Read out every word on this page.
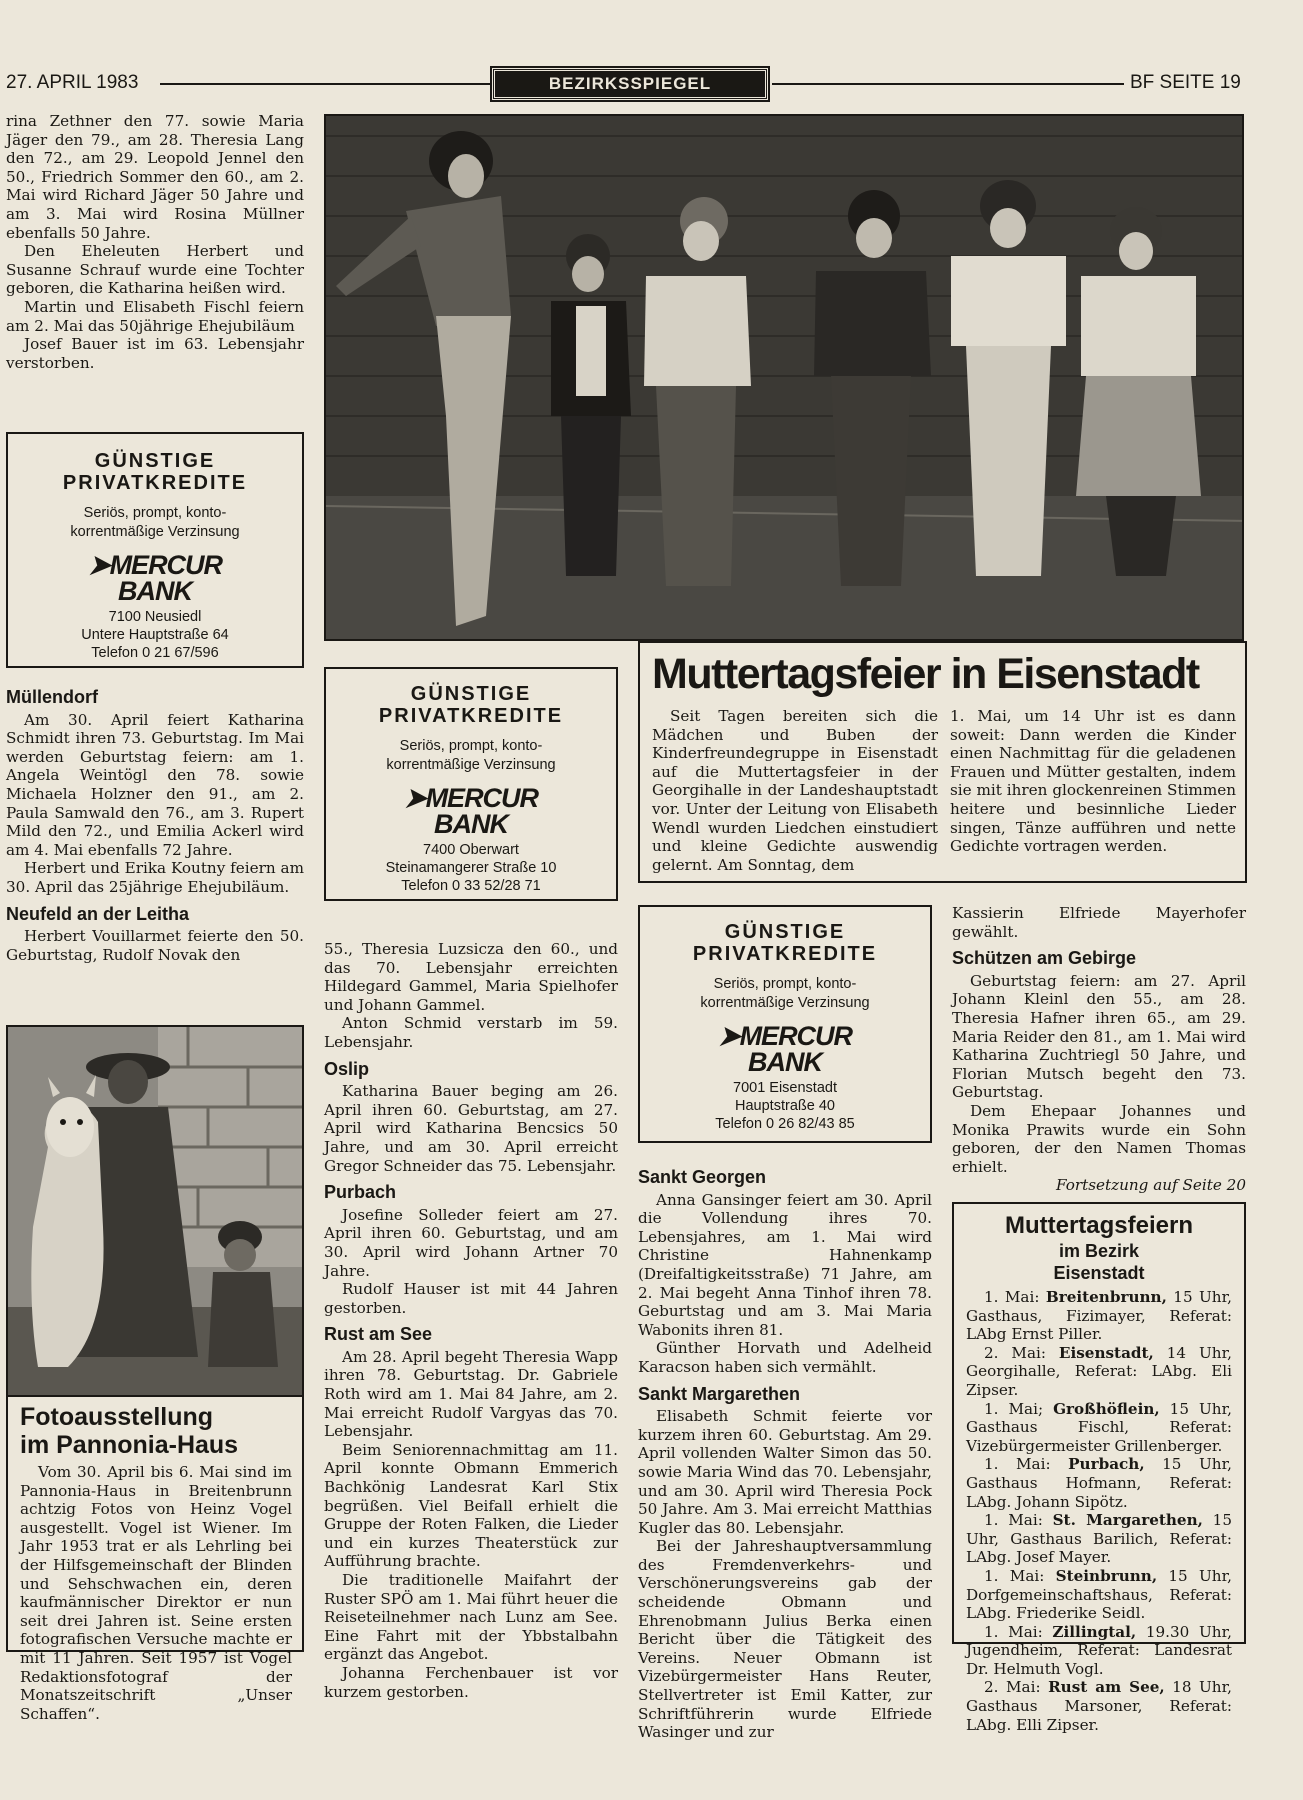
27. APRIL 1983	BEZIRKSSPIEGEL	BF SEITE 19

rina Zethner den 77. sowie Maria Jäger den 79., am 28. Theresia Lang den 72., am 29. Leopold Jennel den 50., Friedrich Sommer den 60., am 2. Mai wird Richard Jäger 50 Jahre und am 3. Mai wird Rosina Müllner ebenfalls 50 Jahre.

Den Eheleuten Herbert und Susanne Schrauf wurde eine Tochter geboren, die Katharina heißen wird.

Martin und Elisabeth Fischl feiern am 2. Mai das 50jährige Ehejubiläum

Josef Bauer ist im 63. Lebensjahr verstorben.

GÜNSTIGE
PRIVATKREDITE
Seriös, prompt, konto-
korrentmäßige Verzinsung
➤MERCUR
BANK
7100 Neusiedl
Untere Hauptstraße 64
Telefon 0 21 67/596
Müllendorf

Am 30. April feiert Katharina Schmidt ihren 73. Geburtstag. Im Mai werden Geburtstag feiern: am 1. Angela Weintögl den 78. sowie Michaela Holzner den 91., am 2. Paula Samwald den 76., am 3. Rupert Mild den 72., und Emilia Ackerl wird am 4. Mai ebenfalls 72 Jahre.

Herbert und Erika Koutny feiern am 30. April das 25jährige Ehejubiläum.

Neufeld an der Leitha

Herbert Vouillarmet feierte den 50. Geburtstag, Rudolf Novak den

Fotoausstellung
im Pannonia-Haus

Vom 30. April bis 6. Mai sind im Pannonia-Haus in Breitenbrunn achtzig Fotos von Heinz Vogel ausgestellt. Vogel ist Wiener. Im Jahr 1953 trat er als Lehrling bei der Hilfsgemeinschaft der Blinden und Sehschwachen ein, deren kaufmännischer Direktor er nun seit drei Jahren ist. Seine ersten fotografischen Versuche machte er mit 11 Jahren. Seit 1957 ist Vogel Redaktionsfotograf der Monatszeitschrift „Unser Schaffen“.

GÜNSTIGE
PRIVATKREDITE
Seriös, prompt, konto-
korrentmäßige Verzinsung
➤MERCUR
BANK
7400 Oberwart
Steinamangerer Straße 10
Telefon 0 33 52/28 71
Muttertagsfeier in Eisenstadt

Seit Tagen bereiten sich die Mädchen und Buben der Kinderfreundegruppe in Eisenstadt auf die Muttertagsfeier in der Georgihalle in der Landeshauptstadt vor. Unter der Leitung von Elisabeth Wendl wurden Liedchen einstudiert und kleine Gedichte auswendig gelernt. Am Sonntag, dem

1. Mai, um 14 Uhr ist es dann soweit: Dann werden die Kinder einen Nachmittag für die geladenen Frauen und Mütter gestalten, indem sie mit ihren glockenreinen Stimmen heitere und besinnliche Lieder singen, Tänze aufführen und nette Gedichte vortragen werden.

55., Theresia Luzsicza den 60., und das 70. Lebensjahr erreichten Hildegard Gammel, Maria Spielhofer und Johann Gammel.

Anton Schmid verstarb im 59. Lebensjahr.

Oslip

Katharina Bauer beging am 26. April ihren 60. Geburtstag, am 27. April wird Katharina Bencsics 50 Jahre, und am 30. April erreicht Gregor Schneider das 75. Lebensjahr.

Purbach

Josefine Solleder feiert am 27. April ihren 60. Geburtstag, und am 30. April wird Johann Artner 70 Jahre.

Rudolf Hauser ist mit 44 Jahren gestorben.

Rust am See

Am 28. April begeht Theresia Wapp ihren 78. Geburtstag. Dr. Gabriele Roth wird am 1. Mai 84 Jahre, am 2. Mai erreicht Rudolf Vargyas das 70. Lebensjahr.

Beim Seniorennachmittag am 11. April konnte Obmann Emmerich Bachkönig Landesrat Karl Stix begrüßen. Viel Beifall erhielt die Gruppe der Roten Falken, die Lieder und ein kurzes Theaterstück zur Aufführung brachte.

Die traditionelle Maifahrt der Ruster SPÖ am 1. Mai führt heuer die Reiseteilnehmer nach Lunz am See. Eine Fahrt mit der Ybbstalbahn ergänzt das Angebot.

Johanna Ferchenbauer ist vor kurzem gestorben.

GÜNSTIGE
PRIVATKREDITE
Seriös, prompt, konto-
korrentmäßige Verzinsung
➤MERCUR
BANK
7001 Eisenstadt
Hauptstraße 40
Telefon 0 26 82/43 85
Sankt Georgen

Anna Gansinger feiert am 30. April die Vollendung ihres 70. Lebensjahres, am 1. Mai wird Christine Hahnenkamp (Dreifaltigkeitsstraße) 71 Jahre, am 2. Mai begeht Anna Tinhof ihren 78. Geburtstag und am 3. Mai Maria Wabonits ihren 81.

Günther Horvath und Adelheid Karacson haben sich vermählt.

Sankt Margarethen

Elisabeth Schmit feierte vor kurzem ihren 60. Geburtstag. Am 29. April vollenden Walter Simon das 50. sowie Maria Wind das 70. Lebensjahr, und am 30. April wird Theresia Pock 50 Jahre. Am 3. Mai erreicht Matthias Kugler das 80. Lebensjahr.

Bei der Jahreshauptversammlung des Fremdenverkehrs- und Verschönerungsvereins gab der scheidende Obmann und Ehrenobmann Julius Berka einen Bericht über die Tätigkeit des Vereins. Neuer Obmann ist Vizebürgermeister Hans Reuter, Stellvertreter ist Emil Katter, zur Schriftführerin wurde Elfriede Wasinger und zur

Kassierin Elfriede Mayerhofer gewählt.

Schützen am Gebirge

Geburtstag feiern: am 27. April Johann Kleinl den 55., am 28. Theresia Hafner ihren 65., am 29. Maria Reider den 81., am 1. Mai wird Katharina Zuchtriegl 50 Jahre, und Florian Mutsch begeht den 73. Geburtstag.

Dem Ehepaar Johannes und Monika Prawits wurde ein Sohn geboren, der den Namen Thomas erhielt.

Fortsetzung auf Seite 20

Muttertagsfeiern
im Bezirk
Eisenstadt

1. Mai: Breitenbrunn, 15 Uhr, Gasthaus, Fizimayer, Referat: LAbg Ernst Piller.

2. Mai: Eisenstadt, 14 Uhr, Georgihalle, Referat: LAbg. Eli Zipser.

1. Mai; Großhöflein, 15 Uhr, Gasthaus Fischl, Referat: Vizebürgermeister Grillenberger.

1. Mai: Purbach, 15 Uhr, Gasthaus Hofmann, Referat: LAbg. Johann Sipötz.

1. Mai: St. Margarethen, 15 Uhr, Gasthaus Barilich, Referat: LAbg. Josef Mayer.

1. Mai: Steinbrunn, 15 Uhr, Dorfgemeinschaftshaus, Referat: LAbg. Friederike Seidl.

1. Mai: Zillingtal, 19.30 Uhr, Jugendheim, Referat: Landesrat Dr. Helmuth Vogl.

2. Mai: Rust am See, 18 Uhr, Gasthaus Marsoner, Referat: LAbg. Elli Zipser.
